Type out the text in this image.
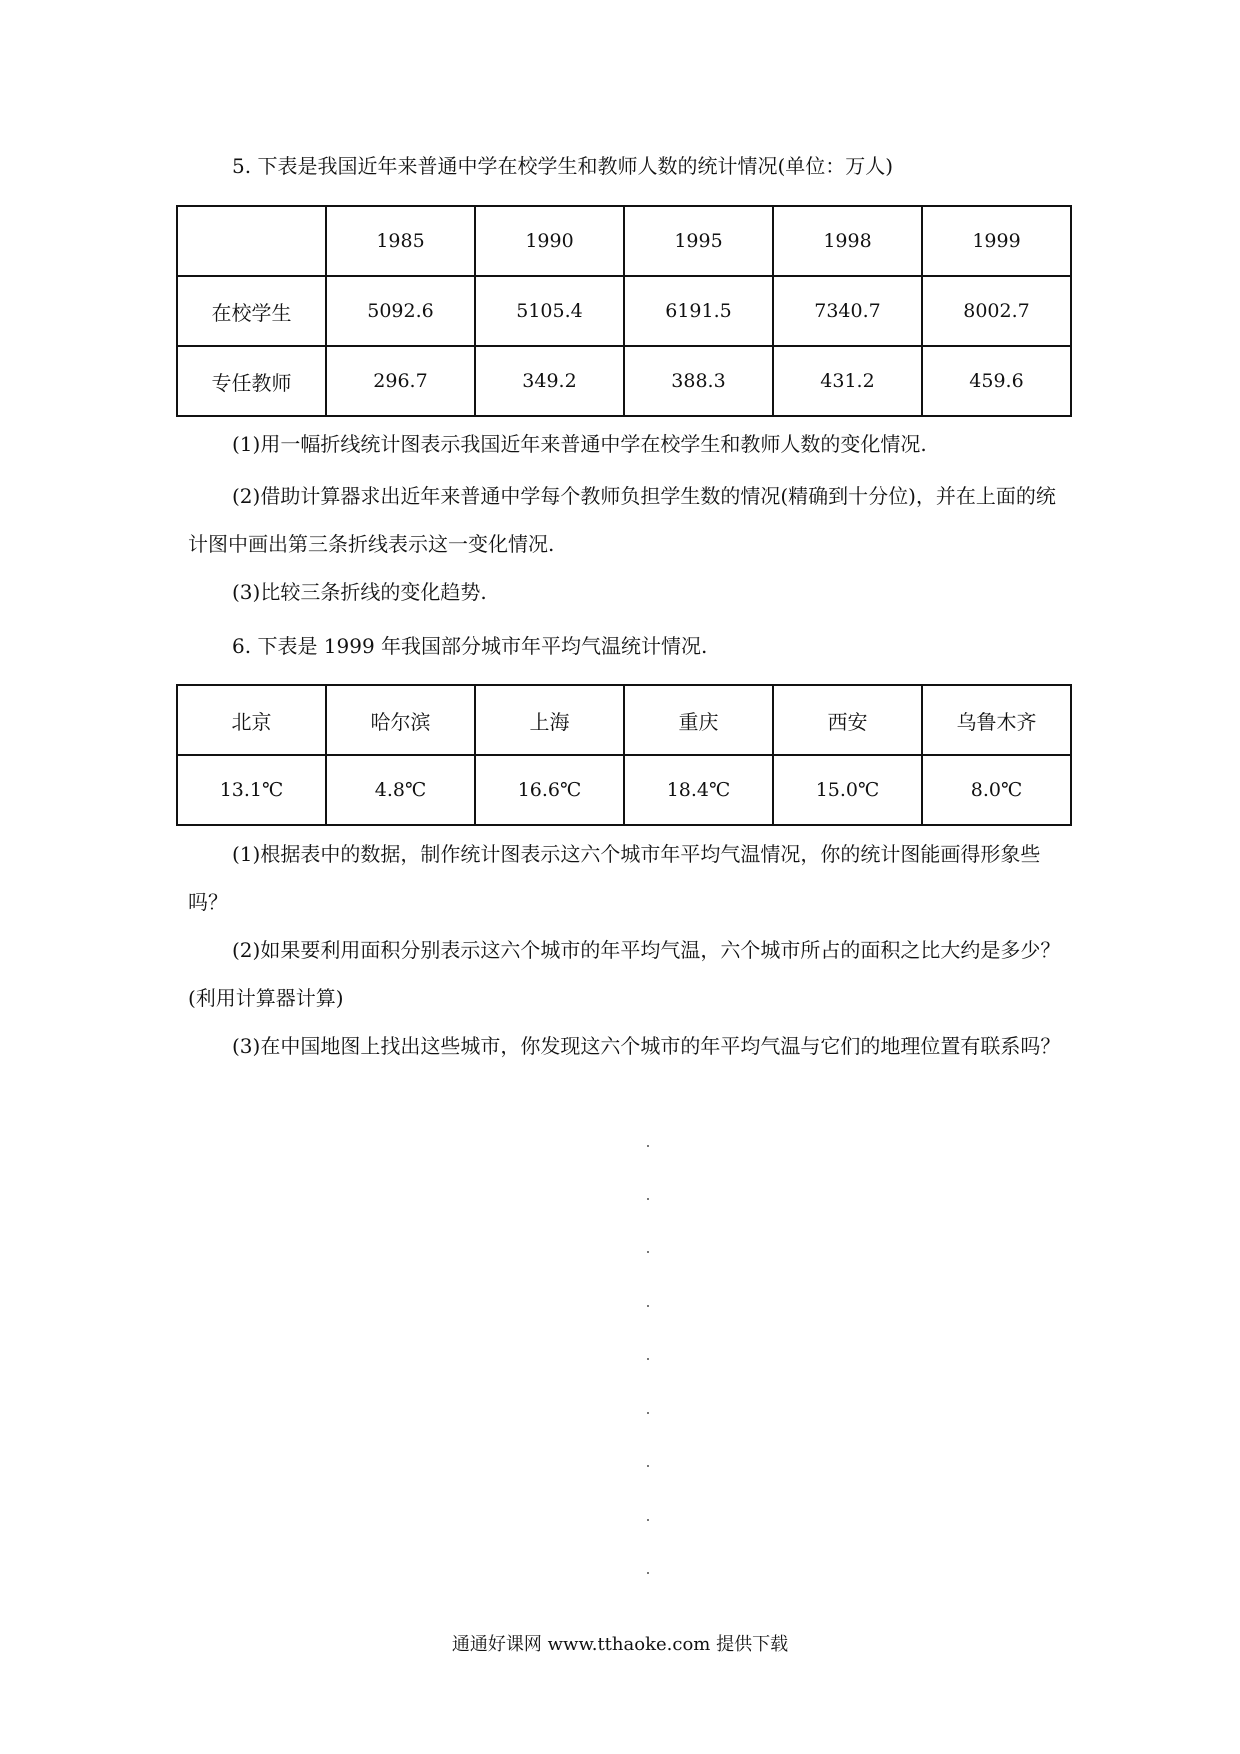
5. 下表是我国近年来普通中学在校学生和教师人数的统计情况(单位：万人)

	1985	1990	1995	1998	1999
在校学生	5092.6	5105.4	6191.5	7340.7	8002.7
专任教师	296.7	349.2	388.3	431.2	459.6

(1)用一幅折线统计图表示我国近年来普通中学在校学生和教师人数的变化情况.

(2)借助计算器求出近年来普通中学每个教师负担学生数的情况(精确到十分位)，并在上面的统计图中画出第三条折线表示这一变化情况.

(3)比较三条折线的变化趋势.

6. 下表是 1999 年我国部分城市年平均气温统计情况.

北京	哈尔滨	上海	重庆	西安	乌鲁木齐
13.1℃	4.8℃	16.6℃	18.4℃	15.0℃	8.0℃

(1)根据表中的数据，制作统计图表示这六个城市年平均气温情况，你的统计图能画得形象些吗？

(2)如果要利用面积分别表示这六个城市的年平均气温，六个城市所占的面积之比大约是多少？(利用计算器计算)

(3)在中国地图上找出这些城市，你发现这六个城市的年平均气温与它们的地理位置有联系吗？

通通好课网 www.tthaoke.com 提供下载
